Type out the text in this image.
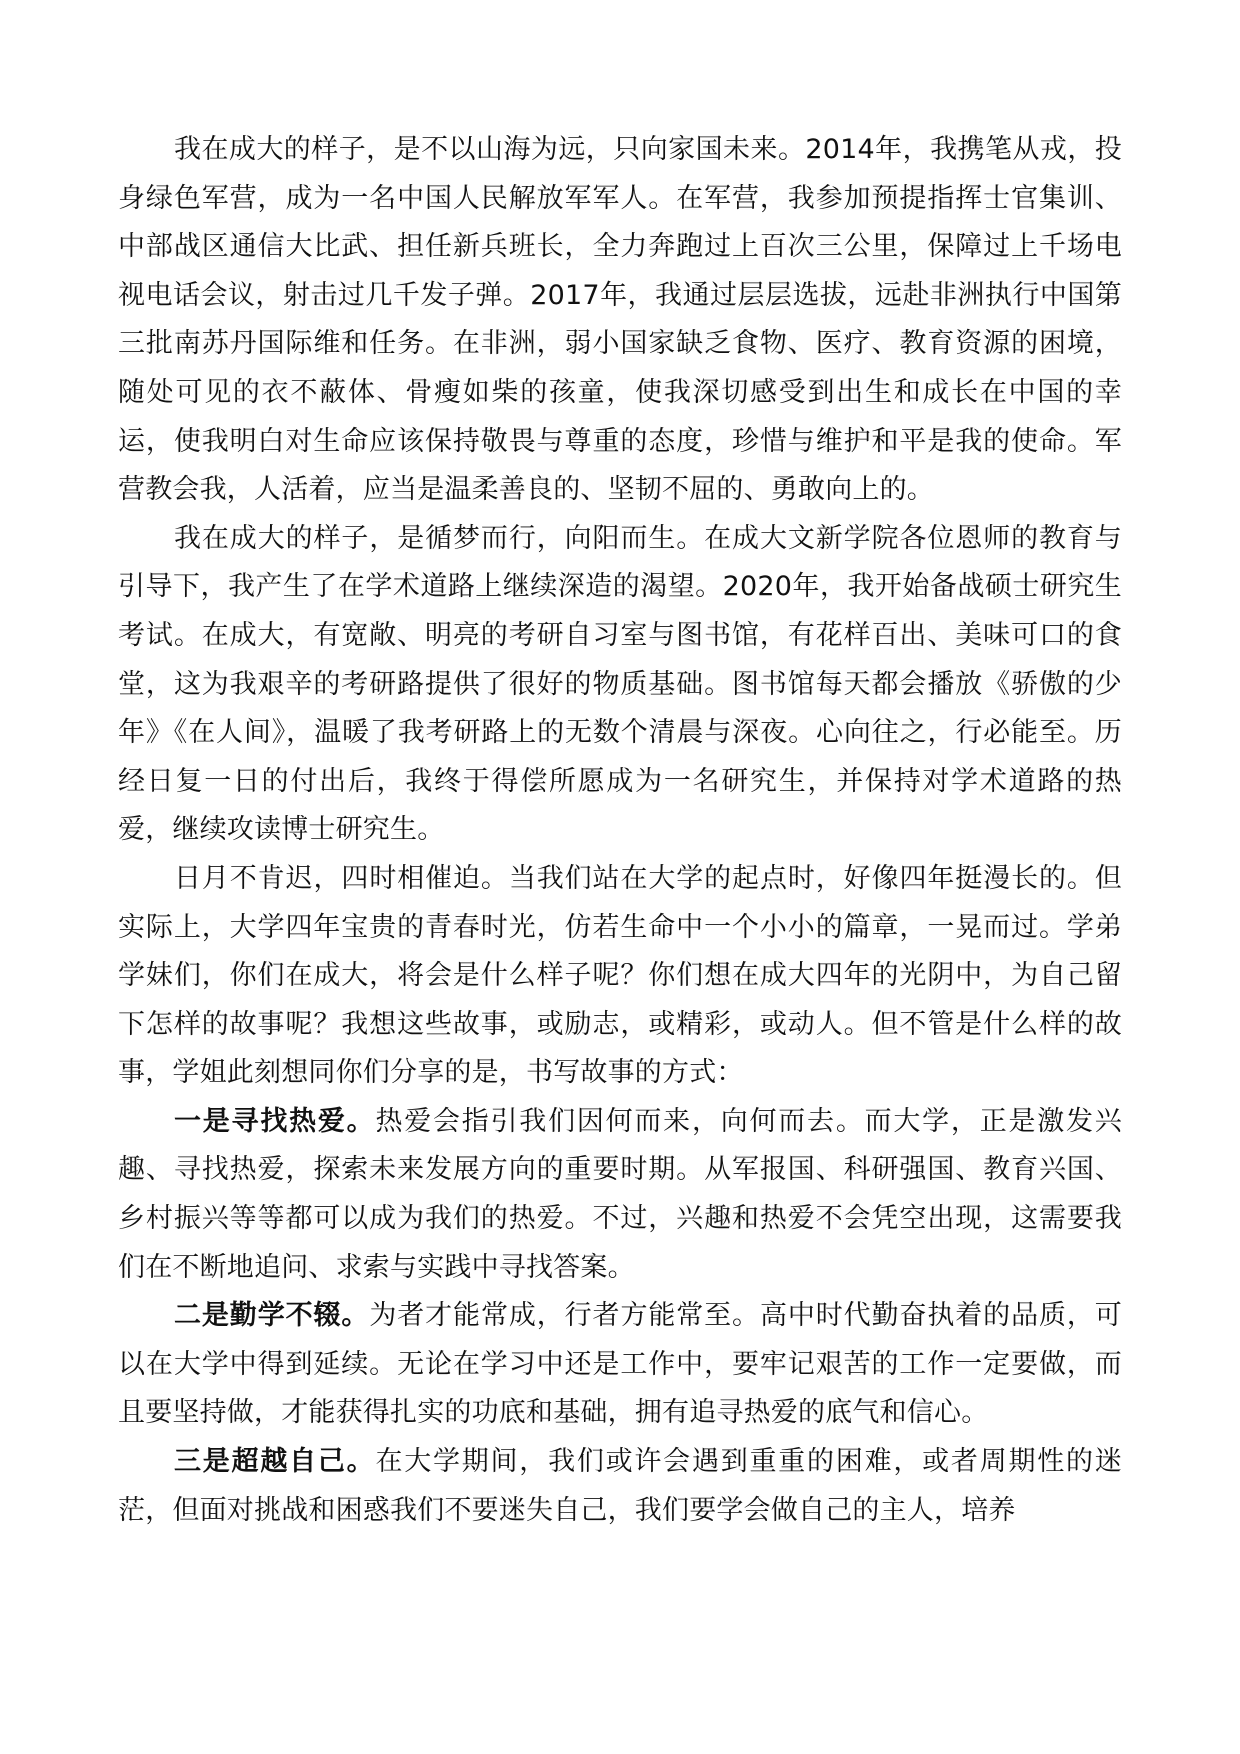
我在成大的样子，是不以山海为远，只向家国未来。2014年，我携笔从戎，投身绿色军营，成为一名中国人民解放军军人。在军营，我参加预提指挥士官集训、中部战区通信大比武、担任新兵班长，全力奔跑过上百次三公里，保障过上千场电视电话会议，射击过几千发子弹。2017年，我通过层层选拔，远赴非洲执行中国第三批南苏丹国际维和任务。在非洲，弱小国家缺乏食物、医疗、教育资源的困境，随处可见的衣不蔽体、骨瘦如柴的孩童，使我深切感受到出生和成长在中国的幸运，使我明白对生命应该保持敬畏与尊重的态度，珍惜与维护和平是我的使命。军营教会我，人活着，应当是温柔善良的、坚韧不屈的、勇敢向上的。

我在成大的样子，是循梦而行，向阳而生。在成大文新学院各位恩师的教育与引导下，我产生了在学术道路上继续深造的渴望。2020年，我开始备战硕士研究生考试。在成大，有宽敞、明亮的考研自习室与图书馆，有花样百出、美味可口的食堂，这为我艰辛的考研路提供了很好的物质基础。图书馆每天都会播放《骄傲的少年》《在人间》，温暖了我考研路上的无数个清晨与深夜。心向往之，行必能至。历经日复一日的付出后，我终于得偿所愿成为一名研究生，并保持对学术道路的热爱，继续攻读博士研究生。

日月不肯迟，四时相催迫。当我们站在大学的起点时，好像四年挺漫长的。但实际上，大学四年宝贵的青春时光，仿若生命中一个小小的篇章，一晃而过。学弟学妹们，你们在成大，将会是什么样子呢？你们想在成大四年的光阴中，为自己留下怎样的故事呢？我想这些故事，或励志，或精彩，或动人。但不管是什么样的故事，学姐此刻想同你们分享的是，书写故事的方式：

一是寻找热爱。热爱会指引我们因何而来，向何而去。而大学，正是激发兴趣、寻找热爱，探索未来发展方向的重要时期。从军报国、科研强国、教育兴国、乡村振兴等等都可以成为我们的热爱。不过，兴趣和热爱不会凭空出现，这需要我们在不断地追问、求索与实践中寻找答案。

二是勤学不辍。为者才能常成，行者方能常至。高中时代勤奋执着的品质，可以在大学中得到延续。无论在学习中还是工作中，要牢记艰苦的工作一定要做，而且要坚持做，才能获得扎实的功底和基础，拥有追寻热爱的底气和信心。

三是超越自己。在大学期间，我们或许会遇到重重的困难，或者周期性的迷茫，但面对挑战和困惑我们不要迷失自己，我们要学会做自己的主人，培养
